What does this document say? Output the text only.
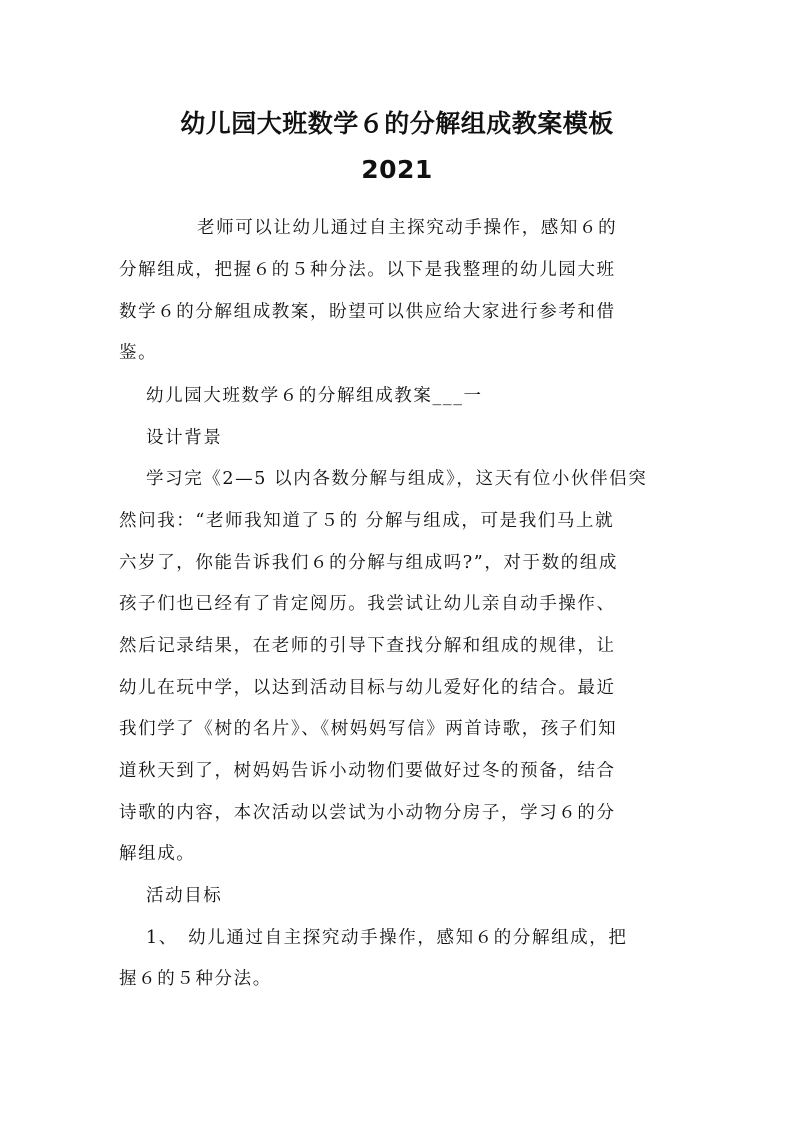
幼儿园大班数学６的分解组成教案模板
2021
老师可以让幼儿通过自主探究动手操作，感知６的
分解组成，把握６的５种分法。以下是我整理的幼儿园大班
数学６的分解组成教案，盼望可以供应给大家进行参考和借
鉴。
幼儿园大班数学６的分解组成教案___一
设计背景
学习完《2—5 以内各数分解与组成》，这天有位小伙伴侣突
然问我：“老师我知道了５的 分解与组成，可是我们马上就
六岁了，你能告诉我们６的分解与组成吗?”，对于数的组成
孩子们也已经有了肯定阅历。我尝试让幼儿亲自动手操作、
然后记录结果，在老师的引导下查找分解和组成的规律，让
幼儿在玩中学，以达到活动目标与幼儿爱好化的结合。最近
我们学了《树的名片》、《树妈妈写信》两首诗歌，孩子们知
道秋天到了，树妈妈告诉小动物们要做好过冬的预备，结合
诗歌的内容，本次活动以尝试为小动物分房子，学习６的分
解组成。
活动目标
1、　幼儿通过自主探究动手操作，感知６的分解组成，把
握６的５种分法。
